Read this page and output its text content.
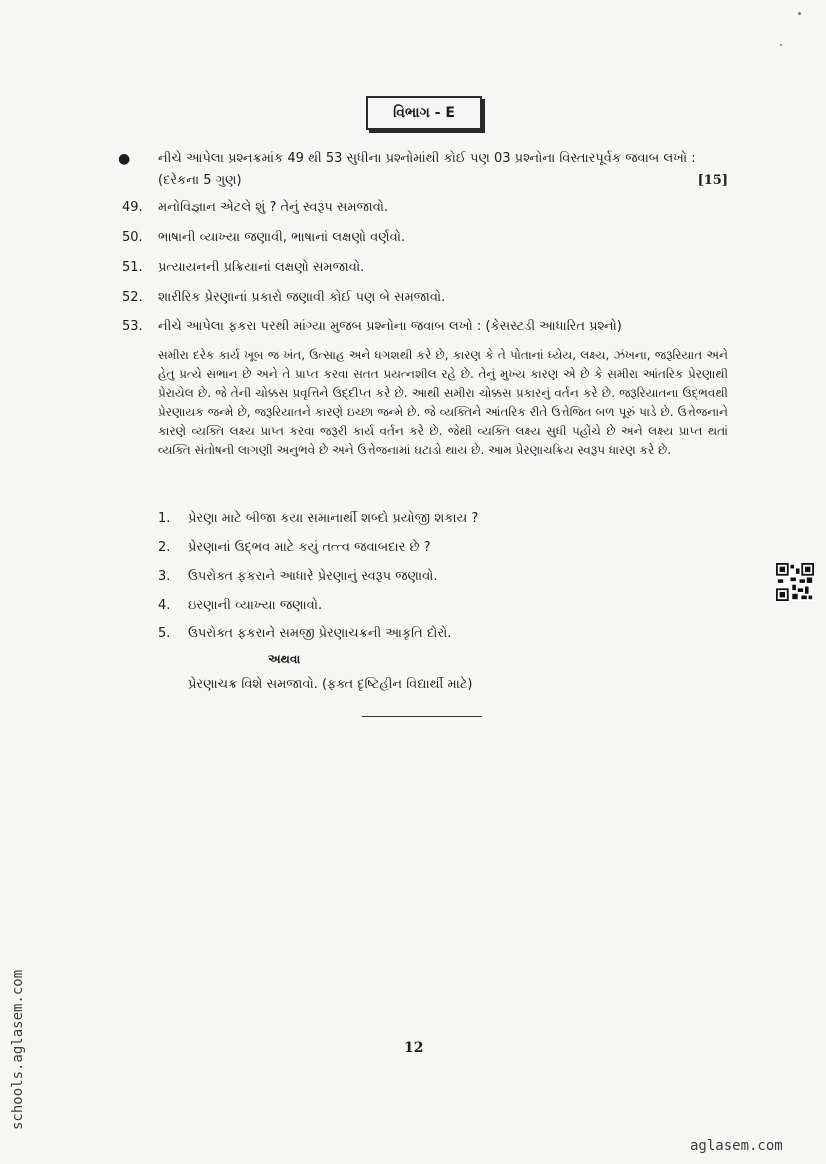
વિભાગ - E
● નીચે આપેલા પ્રશ્નક્રમાંક 49 થી 53 સુધીના પ્રશ્નોમાંથી કોઈ પણ 03 પ્રશ્નોના વિસ્તારપૂર્વક જવાબ લખો : (દરેકના 5 ગુણ)	[15]
49. મનોવિજ્ઞાન એટલે શું ? તેનું સ્વરૂપ સમજાવો.
50. ભાષાની વ્યાખ્યા જણાવી, ભાષાનાં લક્ષણો વર્ણવો.
51. પ્રત્યાયનની પ્રક્રિયાનાં લક્ષણો સમજાવો.
52. શારીરિક પ્રેરણાનાં પ્રકારો જણાવી કોઈ પણ બે સમજાવો.
53. નીચે આપેલા ફકરા પરથી માંગ્યા મુજબ પ્રશ્નોના જવાબ લખો : (કેસસ્ટડી આધારિત પ્રશ્નો)
સમીરા દરેક કાર્ય ખૂબ જ ખંત, ઉત્સાહ અને ધગશથી કરે છે, કારણ કે તે પોતાનાં ધ્યેય, લક્ષ્ય, ઝંખના, જરૂરિયાત અને હેતુ પ્રત્યે સભાન છે અને તે પ્રાપ્ત કરવા સતત પ્રયત્નશીલ રહે છે. તેનું મુખ્ય કારણ એ છે કે સમીરા આંતરિક પ્રેરણાથી પ્રેરાયેલ છે. જે તેની ચોક્કસ પ્રવૃત્તિને ઉદ્દીપ્ત કરે છે. આથી સમીરા ચોક્કસ પ્રકારનું વર્તન કરે છે. જરૂરિયાતના ઉદ્ભવથી પ્રેરણાયક જન્મે છે, જરૂરિયાતને કારણે ઇચ્છા જન્મે છે. જે વ્યક્તિને આંતરિક રીતે ઉત્તેજિત બળ પૂરું પાડે છે. ઉત્તેજનાને કારણે વ્યક્તિ લક્ષ્ય પ્રાપ્ત કરવા જરૂરી કાર્ય વર્તન કરે છે. જેથી વ્યક્તિ લક્ષ્ય સુધી પહોંચે છે અને લક્ષ્ય પ્રાપ્ત થતાં વ્યક્તિ સંતોષની લાગણી અનુભવે છે અને ઉત્તેજનામાં ઘટાડો થાય છે. આમ પ્રેરણાચક્રિય સ્વરૂપ ધારણ કરે છે.
1. પ્રેરણા માટે બીજા કયા સમાનાર્થી શબ્દો પ્રયોજી શકાય ?
2. પ્રેરણાનાં ઉદ્ભવ માટે કયું તત્ત્વ જવાબદાર છે ?
3. ઉપરોક્ત ફકરાને આધારે પ્રેરણાનું સ્વરૂપ જણાવો.
4. ઇરણાની વ્યાખ્યા જણાવો.
5. ઉપરોક્ત ફકરાને સમજી પ્રેરણાચક્રની આકૃતિ દોરો.
અથવા
પ્રેરણાચક્ર વિશે સમજાવો. (ફક્ત દૃષ્ટિહીન વિદ્યાર્થી માટે)
12
schools.aglasem.com
aglasem.com
